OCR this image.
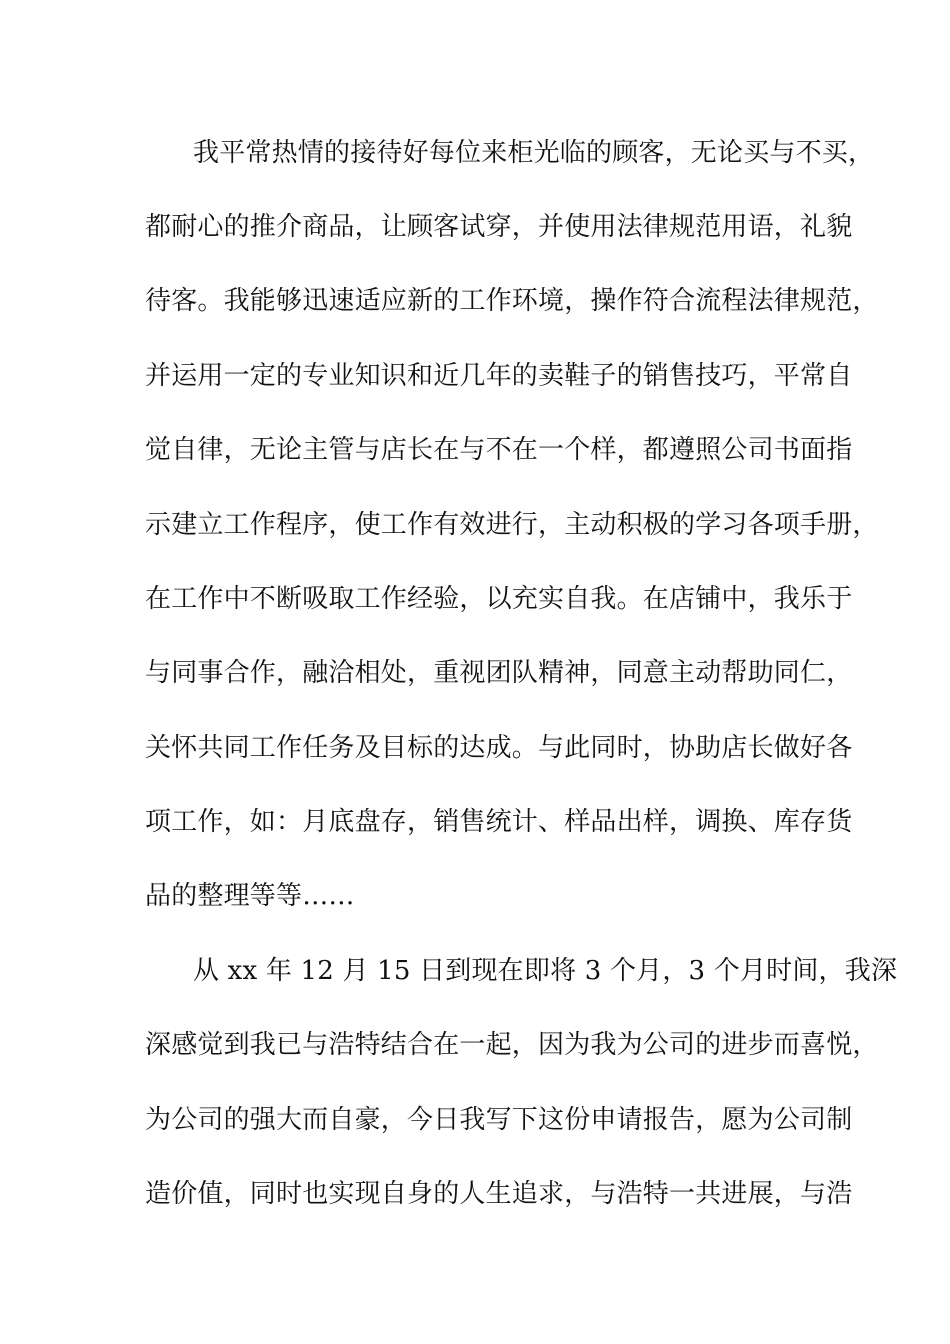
我平常热情的接待好每位来柜光临的顾客，无论买与不买，
都耐心的推介商品，让顾客试穿，并使用法律规范用语，礼貌
待客。我能够迅速适应新的工作环境，操作符合流程法律规范，
并运用一定的专业知识和近几年的卖鞋子的销售技巧，平常自
觉自律，无论主管与店长在与不在一个样，都遵照公司书面指
示建立工作程序，使工作有效进行，主动积极的学习各项手册，
在工作中不断吸取工作经验，以充实自我。在店铺中，我乐于
与同事合作，融洽相处，重视团队精神，同意主动帮助同仁，
关怀共同工作任务及目标的达成。与此同时，协助店长做好各
项工作，如：月底盘存，销售统计、样品出样，调换、库存货
品的整理等等……
从 xx 年 12 月 15 日到现在即将 3 个月，3 个月时间，我深
深感觉到我已与浩特结合在一起，因为我为公司的进步而喜悦，
为公司的强大而自豪，今日我写下这份申请报告，愿为公司制
造价值，同时也实现自身的人生追求，与浩特一共进展，与浩
